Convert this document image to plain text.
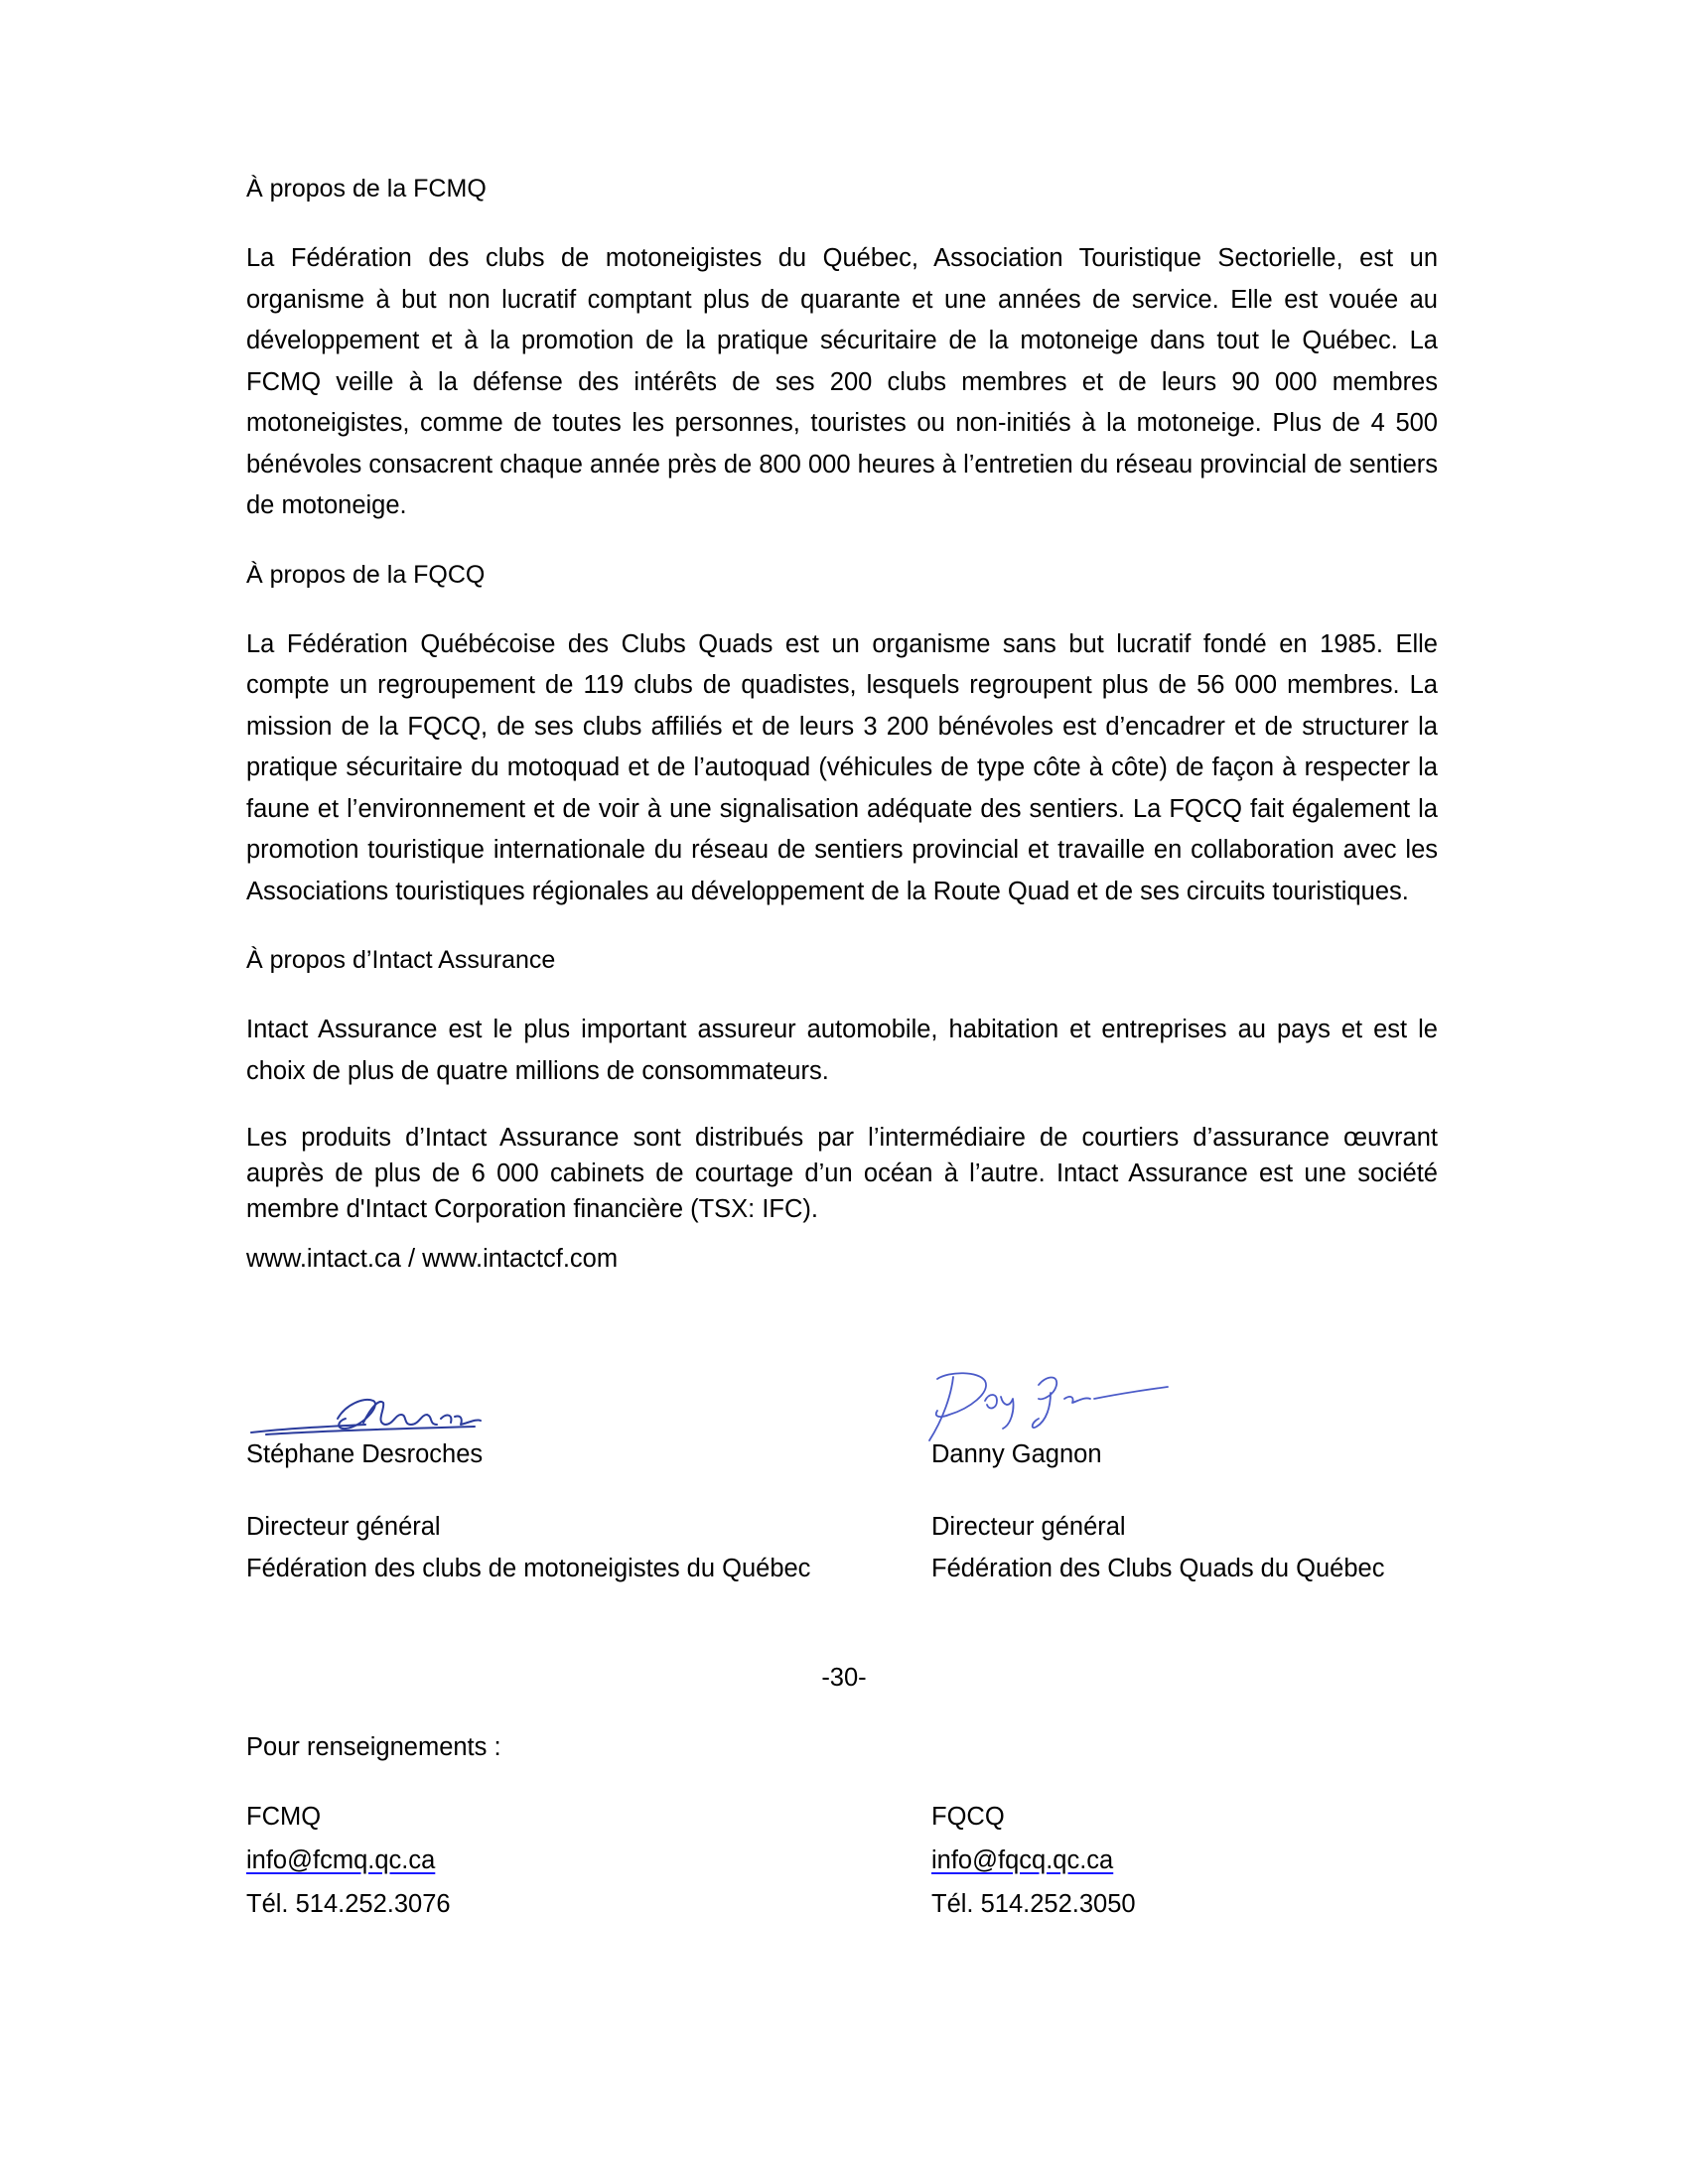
À propos de la FCMQ
La Fédération des clubs de motoneigistes du Québec, Association Touristique Sectorielle, est un organisme à but non lucratif comptant plus de quarante et une années de service. Elle est vouée au développement et à la promotion de la pratique sécuritaire de la motoneige dans tout le Québec. La FCMQ veille à la défense des intérêts de ses 200 clubs membres et de leurs 90 000 membres motoneigistes, comme de toutes les personnes, touristes ou non-initiés à la motoneige. Plus de 4 500 bénévoles consacrent chaque année près de 800 000 heures à l’entretien du réseau provincial de sentiers de motoneige.
À propos de la FQCQ
La Fédération Québécoise des Clubs Quads est un organisme sans but lucratif fondé en 1985. Elle compte un regroupement de 119 clubs de quadistes, lesquels regroupent plus de 56 000 membres. La mission de la FQCQ, de ses clubs affiliés et de leurs 3 200 bénévoles est d’encadrer et de structurer la pratique sécuritaire du motoquad et de l’autoquad (véhicules de type côte à côte) de façon à respecter la faune et l’environnement et de voir à une signalisation adéquate des sentiers. La FQCQ fait également la promotion touristique internationale du réseau de sentiers provincial et travaille en collaboration avec les Associations touristiques régionales au développement de la Route Quad et de ses circuits touristiques.
À propos d’Intact Assurance
Intact Assurance est le plus important assureur automobile, habitation et entreprises au pays et est le choix de plus de quatre millions de consommateurs.
Les produits d’Intact Assurance sont distribués par l’intermédiaire de courtiers d’assurance œuvrant auprès de plus de 6 000 cabinets de courtage d’un océan à l’autre. Intact Assurance est une société membre d'Intact Corporation financière (TSX: IFC).
www.intact.ca / www.intactcf.com
Stéphane Desroches
Directeur général
Fédération des clubs de motoneigistes du Québec
Danny Gagnon
Directeur général
Fédération des Clubs Quads du Québec
-30-
Pour renseignements :
FCMQ
info@fcmq.qc.ca
Tél. 514.252.3076
FQCQ
info@fqcq.qc.ca
Tél. 514.252.3050
